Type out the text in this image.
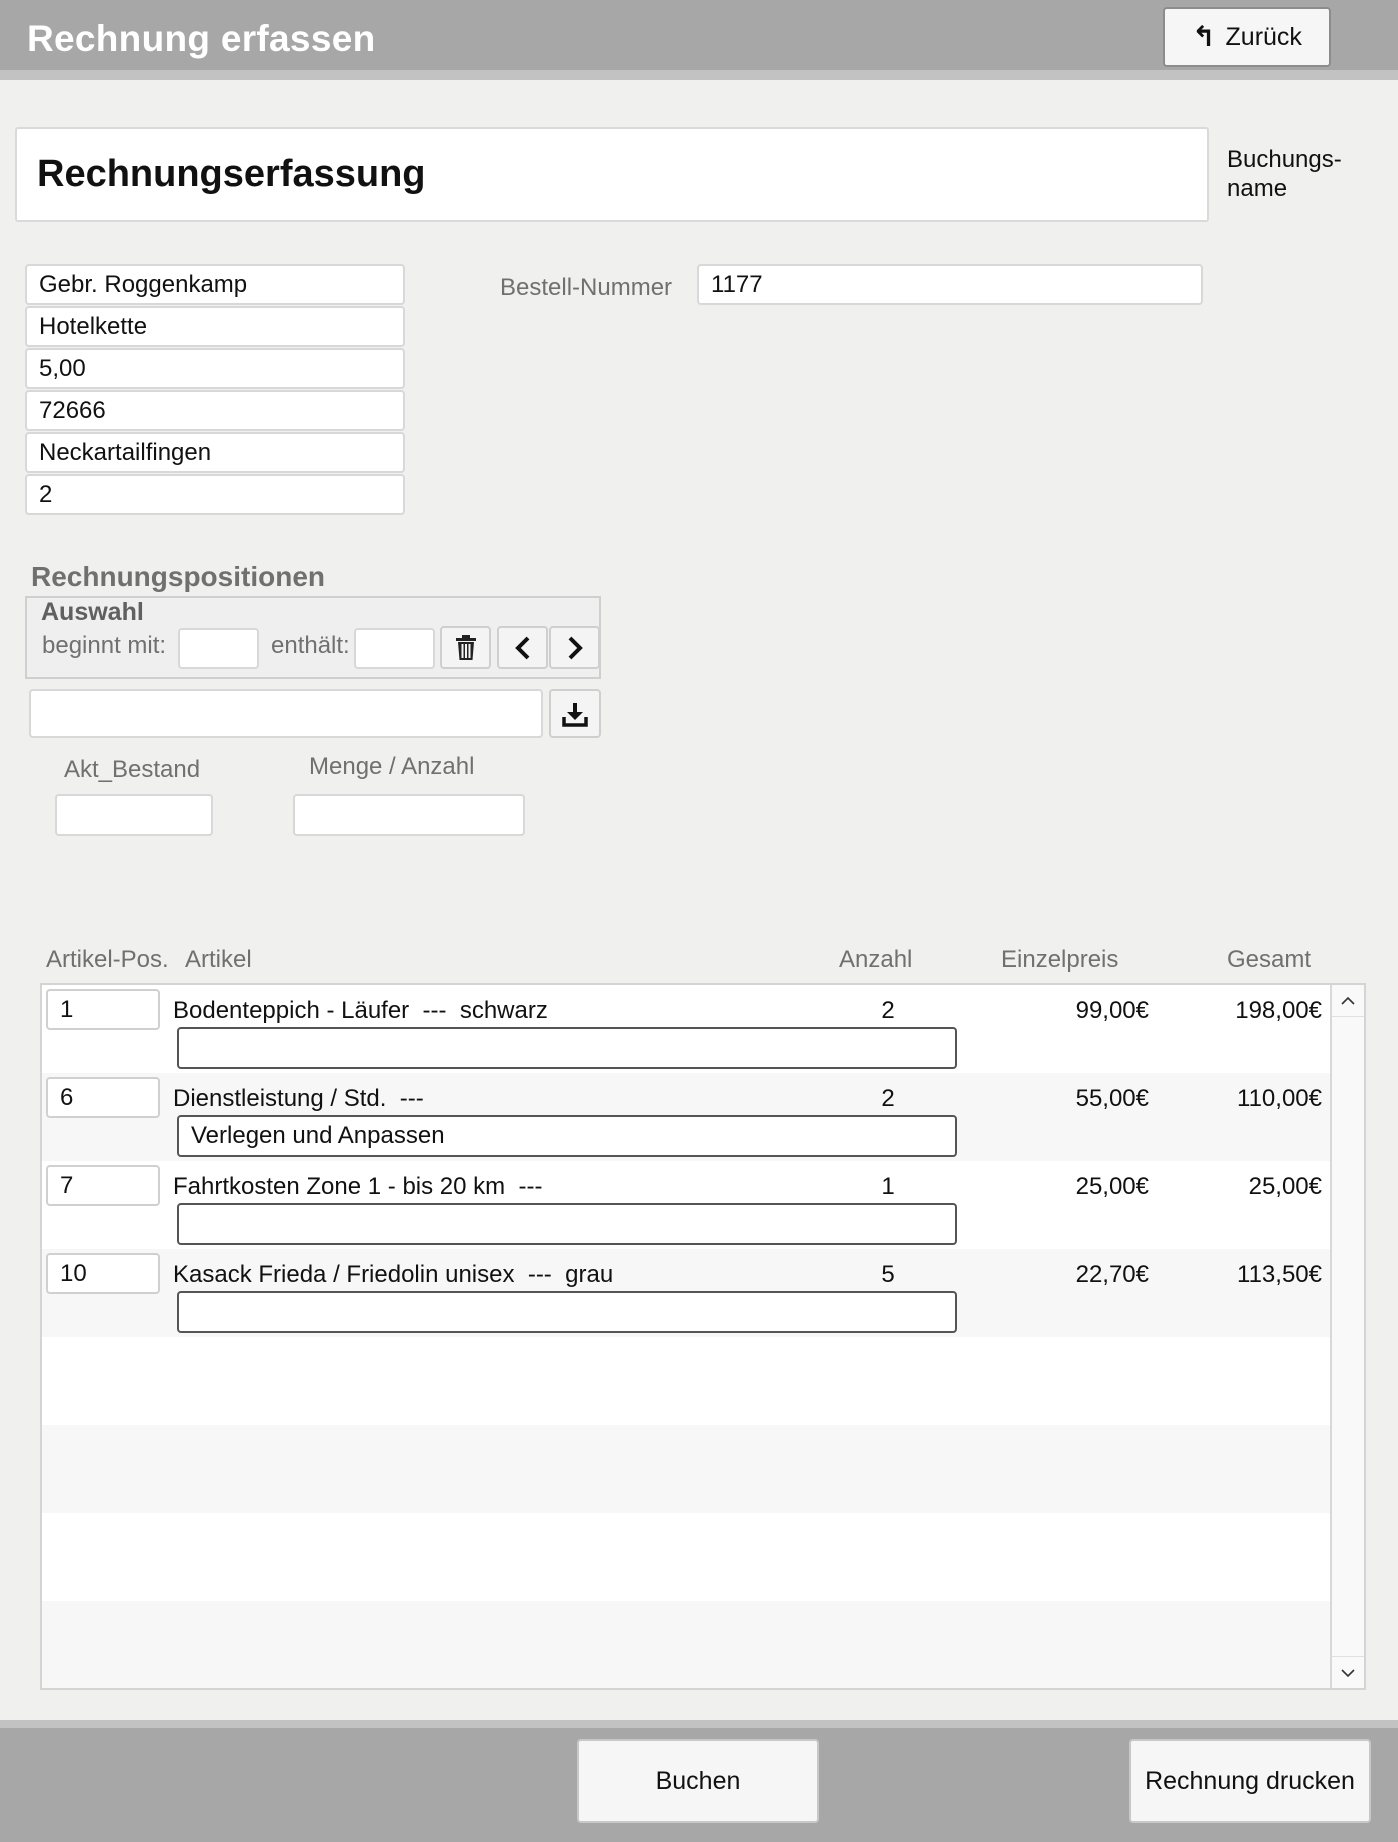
Rechnung erfassen	↰ Zurück
Rechnungserfassung	Buchungs-
name
Gebr. Roggenkamp
Hotelkette
5,00
72666
Neckartailfingen
2
Bestell-Nummer	1177
Rechnungspositionen
Auswahl
beginnt mit:	enthält:
Akt_Bestand	Menge / Anzahl
Artikel-Pos. Artikel	Anzahl	Einzelpreis	Gesamt
1	Bodenteppich - Läufer  ---  schwarz	2	99,00€	198,00€
6	Dienstleistung / Std.  ---	2	55,00€	110,00€
Verlegen und Anpassen
7	Fahrtkosten Zone 1 - bis 20 km  ---	1	25,00€	25,00€
10	Kasack Frieda / Friedolin unisex  ---  grau	5	22,70€	113,50€
Buchen	Rechnung drucken
